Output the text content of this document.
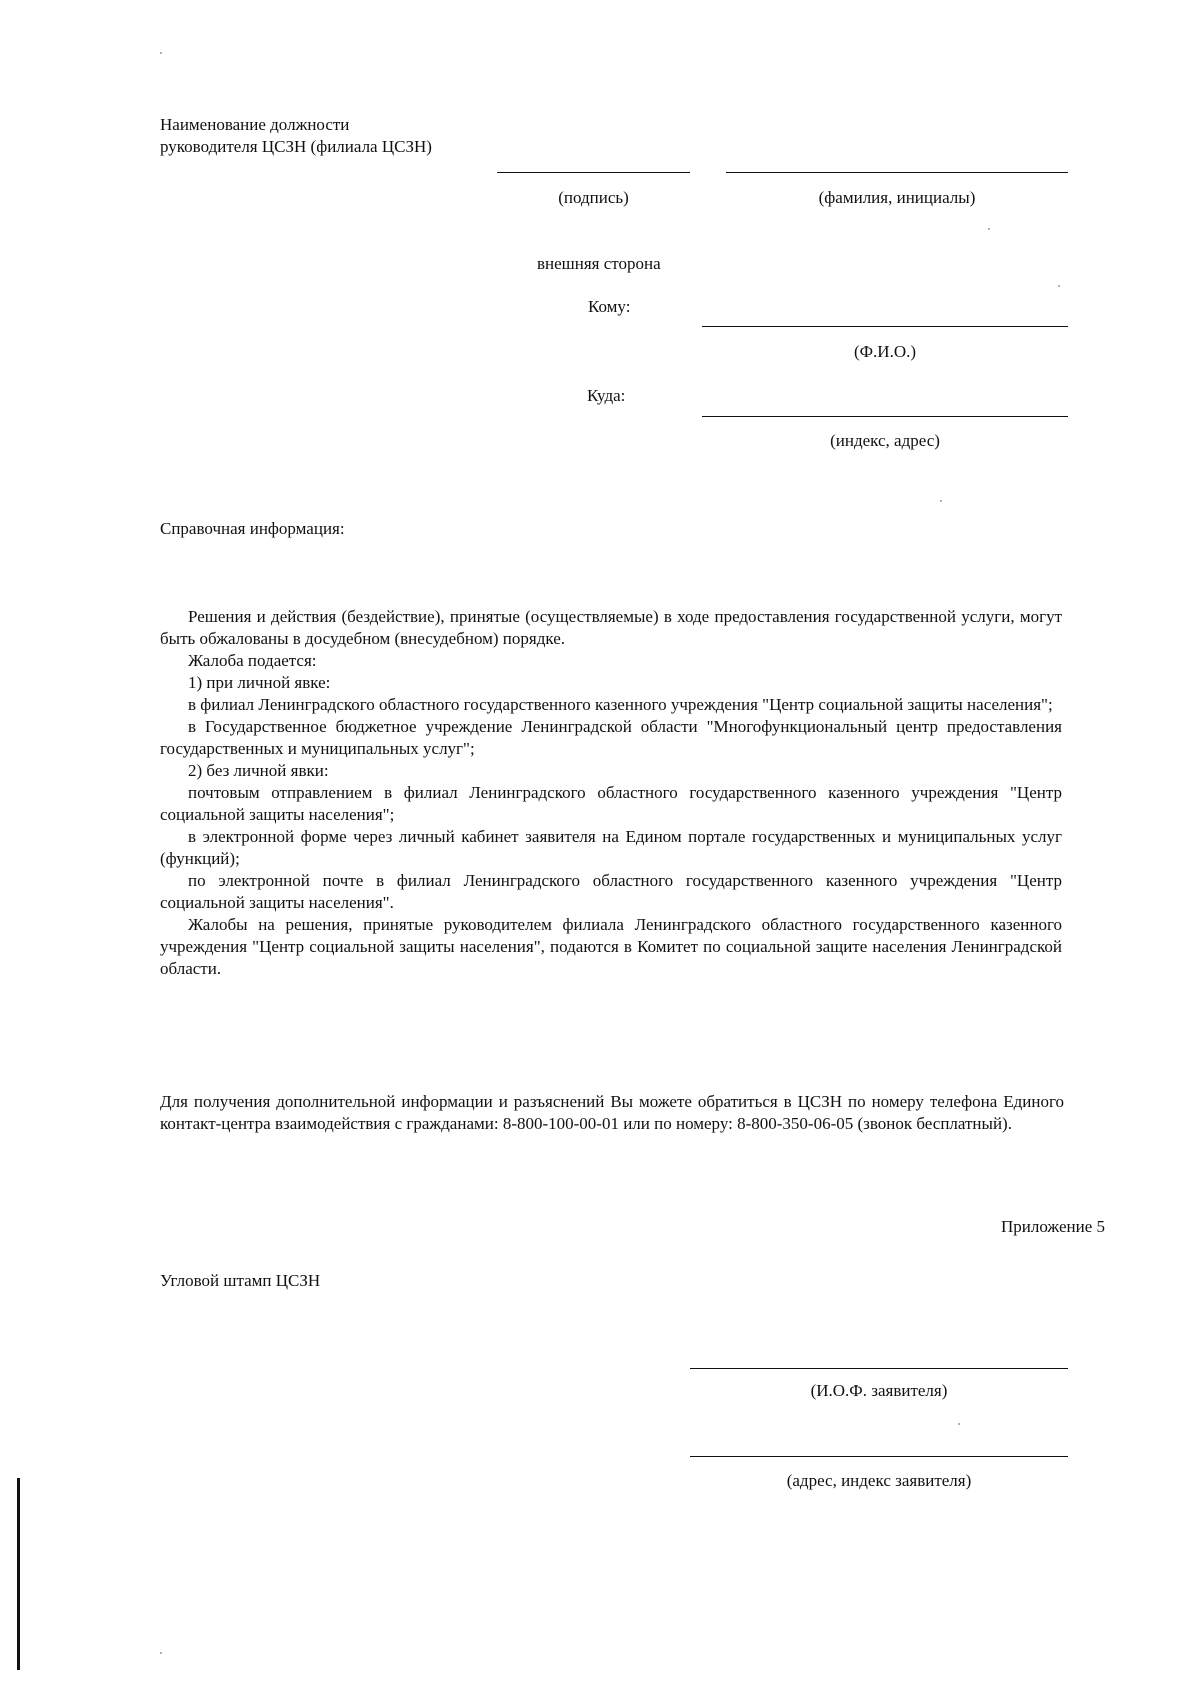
Наименование должности
руководителя ЦСЗН (филиала ЦСЗН)
(подпись)	(фамилия, инициалы)
внешняя сторона
Кому:
(Ф.И.О.)
Куда:
(индекс, адрес)
Справочная информация:

Решения и действия (бездействие), принятые (осуществляемые) в ходе предоставления государственной услуги, могут быть обжалованы в досудебном (внесудебном) порядке.

Жалоба подается:

1) при личной явке:

в филиал Ленинградского областного государственного казенного учреждения "Центр социальной защиты населения";

в Государственное бюджетное учреждение Ленинградской области "Многофункциональный центр предоставления государственных и муниципальных услуг";

2) без личной явки:

почтовым отправлением в филиал Ленинградского областного государственного казенного учреждения "Центр социальной защиты населения";

в электронной форме через личный кабинет заявителя на Едином портале государственных и муниципальных услуг (функций);

по электронной почте в филиал Ленинградского областного государственного казенного учреждения "Центр социальной защиты населения".

Жалобы на решения, принятые руководителем филиала Ленинградского областного государственного казенного учреждения "Центр социальной защиты населения", подаются в Комитет по социальной защите населения Ленинградской области.

Для получения дополнительной информации и разъяснений Вы можете обратиться в ЦСЗН по номеру телефона Единого контакт-центра взаимодействия с гражданами: 8-800-100-00-01 или по номеру: 8-800-350-06-05 (звонок бесплатный).
Приложение 5
Угловой штамп ЦСЗН
(И.О.Ф. заявителя)
(адрес, индекс заявителя)
